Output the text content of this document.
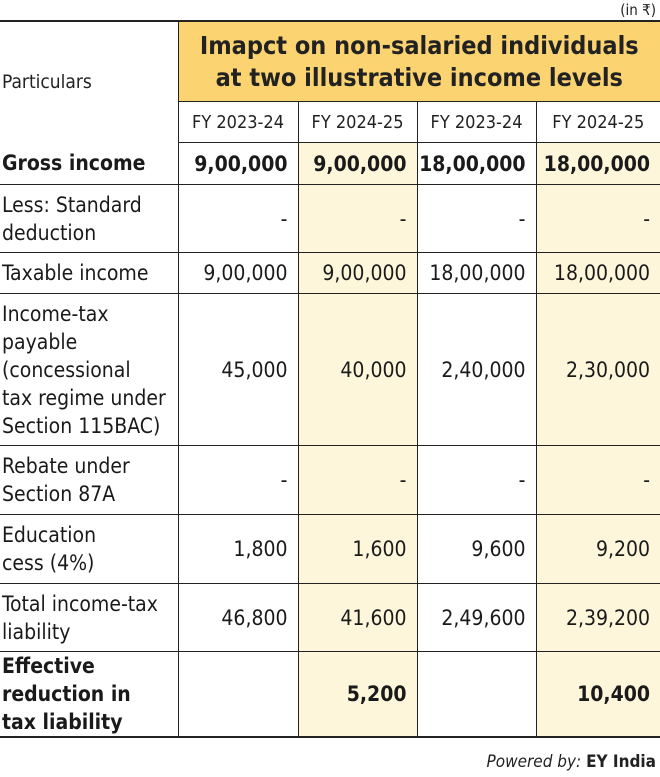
(in ₹)
Particulars	Imapct on non-salaried individuals
at two illustrative income levels			

	FY 2023-24	FY 2024-25	FY 2023-24	FY 2024-25

Gross income	9,00,000	9,00,000	18,00,000	18,00,000

Less: Standard
deduction	-	-	-	-

Taxable income	9,00,000	9,00,000	18,00,000	18,00,000

Income-tax
payable
(concessional
tax regime under
Section 115BAC)	45,000	40,000	2,40,000	2,30,000

Rebate under
Section 87A	-	-	-	-

Education
cess (4%)	1,800	1,600	9,600	9,200

Total income-tax
liability	46,800	41,600	2,49,600	2,39,200

Effective
reduction in
tax liability		5,200		10,400
Powered by: EY India
